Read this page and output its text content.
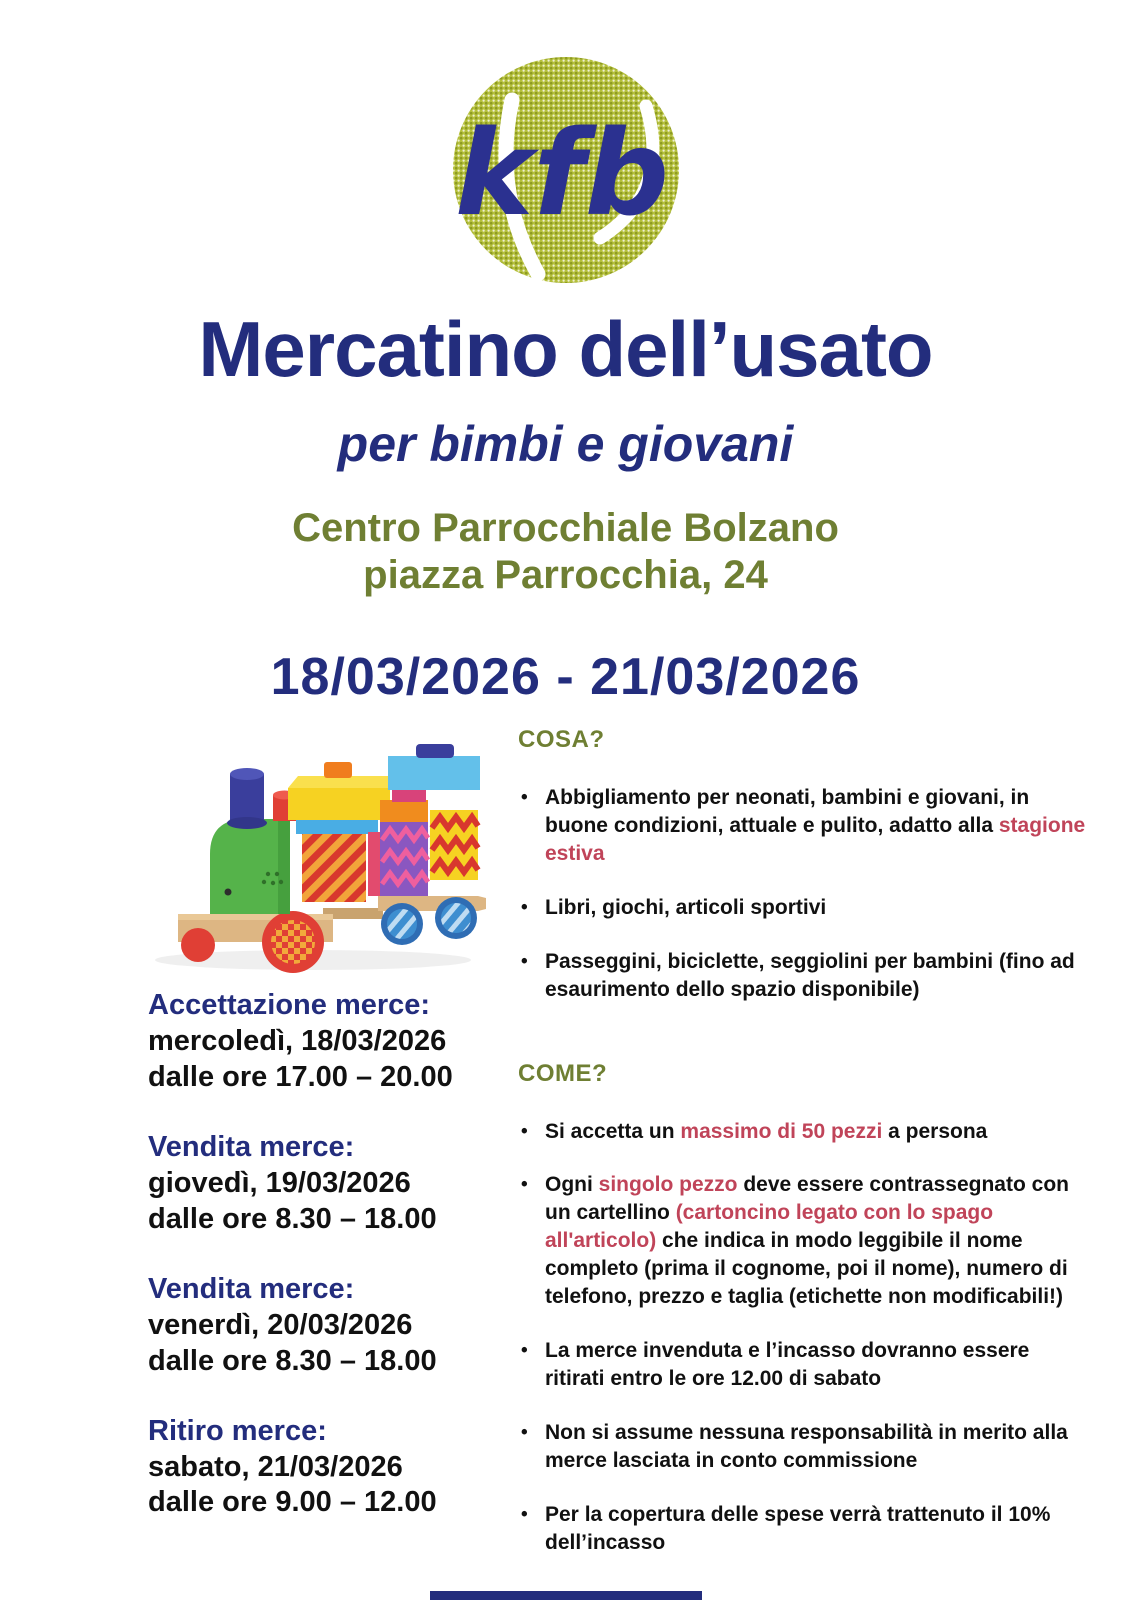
kfb
Mercatino dell’usato
per bimbi e giovani

Centro Parrocchiale Bolzano

piazza Parrocchia, 24

18/03/2026 - 21/03/2026
Accettazione merce:

mercoledì, 18/03/2026

dalle ore 17.00 – 20.00

Vendita merce:

giovedì, 19/03/2026

dalle ore 8.30 – 18.00

Vendita merce:

venerdì, 20/03/2026

dalle ore 8.30 – 18.00

Ritiro merce:

sabato, 21/03/2026

dalle ore 9.00 – 12.00

COSA?
• Abbigliamento per neonati, bambini e giovani, in buone condizioni, attuale e pulito, adatto alla stagione estiva
• Libri, giochi, articoli sportivi
• Passeggini, biciclette, seggiolini per bambini (fino ad esaurimento dello spazio disponibile)
COME?
• Si accetta un massimo di 50 pezzi a persona
• Ogni singolo pezzo deve essere contrassegnato con un cartellino (cartoncino legato con lo spago all'articolo) che indica in modo leggibile il nome completo (prima il cognome, poi il nome), numero di telefono, prezzo e taglia (etichette non modificabili!)
• La merce invenduta e l’incasso dovranno essere ritirati entro le ore 12.00 di sabato
• Non si assume nessuna responsabilità in merito alla merce lasciata in conto commissione
• Per la copertura delle spese verrà trattenuto il 10% dell’incasso
